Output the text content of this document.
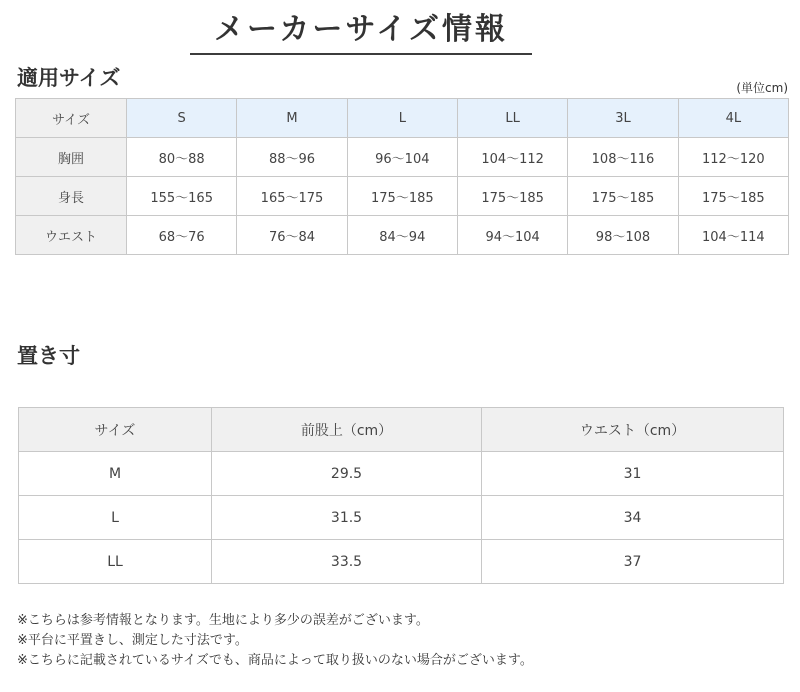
メーカーサイズ情報
適用サイズ	(単位cm)
サイズ	S	M	L	LL	3L	4L
胸囲	80〜88	88〜96	96〜104	104〜112	108〜116	112〜120
身長	155〜165	165〜175	175〜185	175〜185	175〜185	175〜185
ウエスト	68〜76	76〜84	84〜94	94〜104	98〜108	104〜114
置き寸
サイズ	前股上（cm）	ウエスト（cm）
M	29.5	31
L	31.5	34
LL	33.5	37
※こちらは参考情報となります。生地により多少の誤差がございます。
※平台に平置きし、測定した寸法です。
※こちらに記載されているサイズでも、商品によって取り扱いのない場合がございます。
